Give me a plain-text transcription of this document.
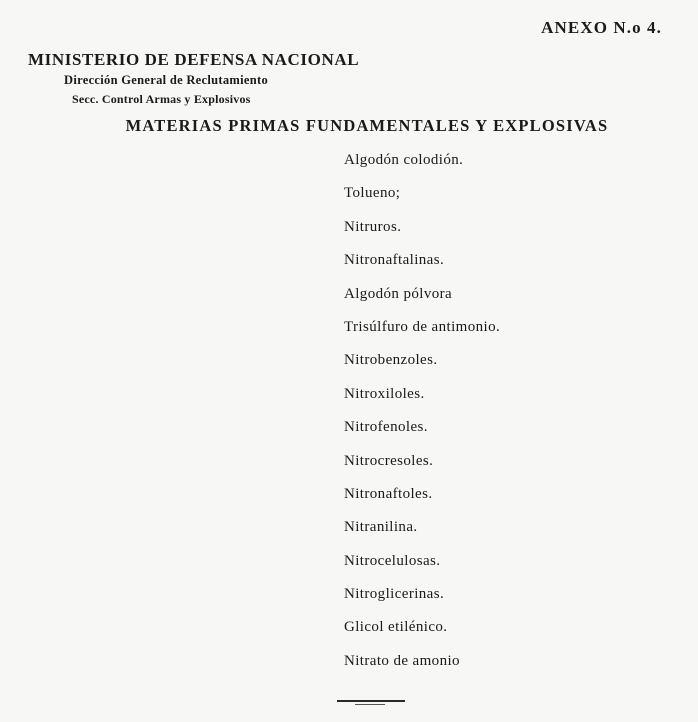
ANEXO N.o 4.
MINISTERIO DE DEFENSA NACIONAL
Dirección General de Reclutamiento
Secc. Control Armas y Explosivos
MATERIAS PRIMAS FUNDAMENTALES Y EXPLOSIVAS
Algodón colodión.
Tolueno;
Nitruros.
Nitronaftalinas.
Algodón pólvora
Trisúlfuro de antimonio.
Nitrobenzoles.
Nitroxiloles.
Nitrofenoles.
Nitrocresoles.
Nitronaftoles.
Nitranilina.
Nitrocelulosas.
Nitroglicerinas.
Glicol etilénico.
Nitrato de amonio
